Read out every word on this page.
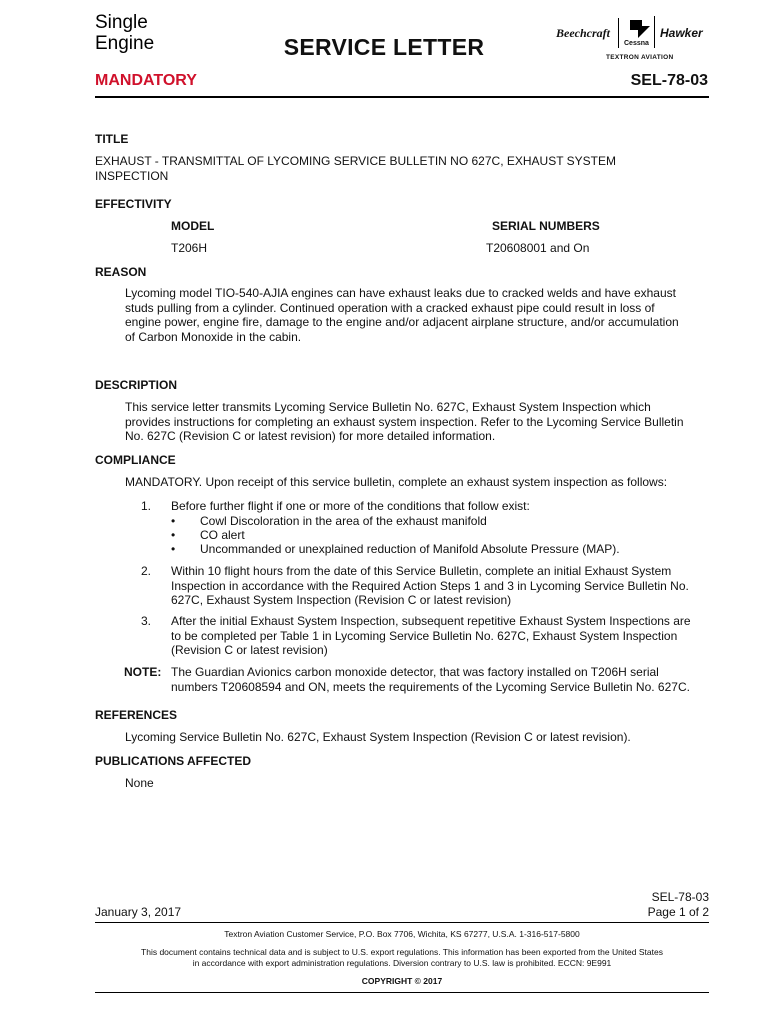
Single
Engine	SERVICE LETTER
Beechcraft
Cessna
Hawker
TEXTRON AVIATION
MANDATORY	SEL-78-03
TITLE
EXHAUST - TRANSMITTAL OF LYCOMING SERVICE BULLETIN NO 627C, EXHAUST SYSTEM
INSPECTION
EFFECTIVITY
MODEL	SERIAL NUMBERS
T206H	T20608001 and On
REASON
Lycoming model TIO-540-AJIA engines can have exhaust leaks due to cracked welds and have exhaust
studs pulling from a cylinder. Continued operation with a cracked exhaust pipe could result in loss of
engine power, engine fire, damage to the engine and/or adjacent airplane structure, and/or accumulation
of Carbon Monoxide in the cabin.
DESCRIPTION
This service letter transmits Lycoming Service Bulletin No. 627C, Exhaust System Inspection which
provides instructions for completing an exhaust system inspection. Refer to the Lycoming Service Bulletin
No. 627C (Revision C or latest revision) for more detailed information.
COMPLIANCE
MANDATORY. Upon receipt of this service bulletin, complete an exhaust system inspection as follows:
1. Before further flight if one or more of the conditions that follow exist:
• Cowl Discoloration in the area of the exhaust manifold
• CO alert
• Uncommanded or unexplained reduction of Manifold Absolute Pressure (MAP).
2. Within 10 flight hours from the date of this Service Bulletin, complete an initial Exhaust System
Inspection in accordance with the Required Action Steps 1 and 3 in Lycoming Service Bulletin No.
627C, Exhaust System Inspection (Revision C or latest revision)
3. After the initial Exhaust System Inspection, subsequent repetitive Exhaust System Inspections are
to be completed per Table 1 in Lycoming Service Bulletin No. 627C, Exhaust System Inspection
(Revision C or latest revision)
NOTE: The Guardian Avionics carbon monoxide detector, that was factory installed on T206H serial
numbers T20608594 and ON, meets the requirements of the Lycoming Service Bulletin No. 627C.
REFERENCES
Lycoming Service Bulletin No. 627C, Exhaust System Inspection (Revision C or latest revision).
PUBLICATIONS AFFECTED
None
January 3, 2017
SEL-78-03
Page 1 of 2
Textron Aviation Customer Service, P.O. Box 7706, Wichita, KS 67277, U.S.A. 1-316-517-5800
This document contains technical data and is subject to U.S. export regulations. This information has been exported from the United States
in accordance with export administration regulations. Diversion contrary to U.S. law is prohibited. ECCN: 9E991
COPYRIGHT © 2017
